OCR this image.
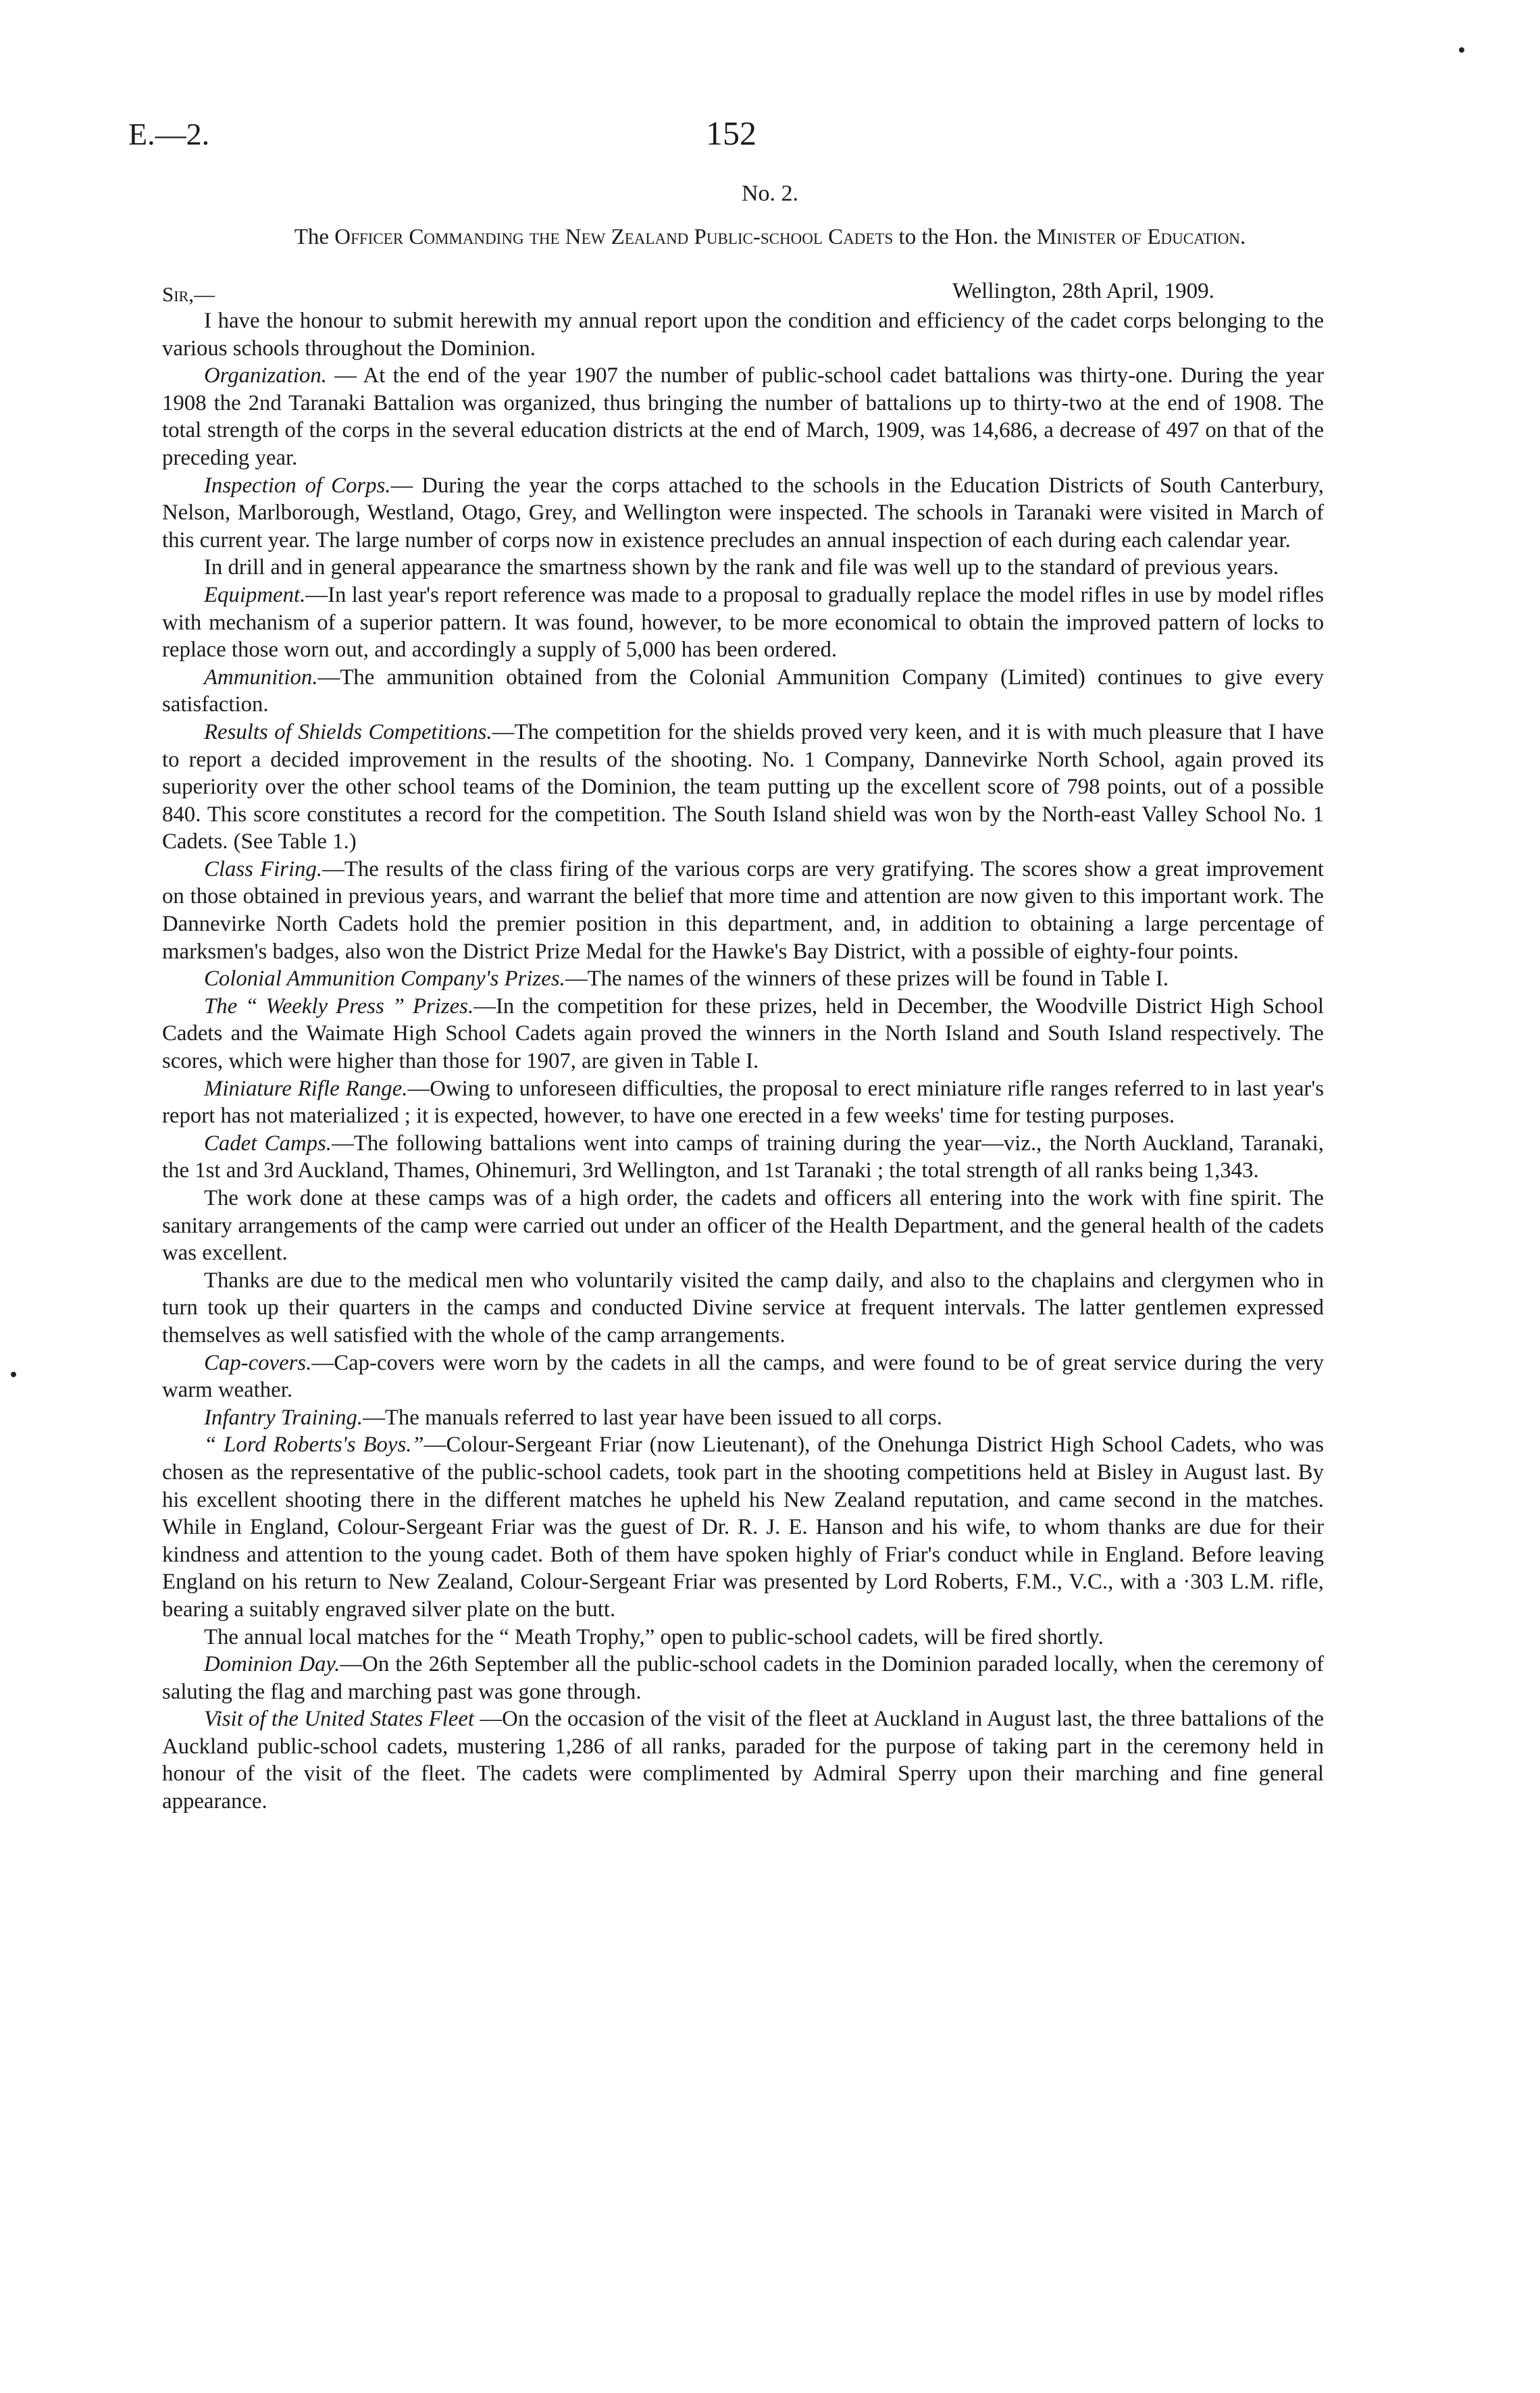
E.—2.	152
No. 2.
The Officer Commanding the New Zealand Public-school Cadets to the Hon. the Minister of Education.
Sir,—	Wellington, 28th April, 1909.

I have the honour to submit herewith my annual report upon the condition and efficiency of the cadet corps belonging to the various schools throughout the Dominion.

Organization. — At the end of the year 1907 the number of public-school cadet battalions was thirty-one. During the year 1908 the 2nd Taranaki Battalion was organized, thus bringing the number of battalions up to thirty-two at the end of 1908. The total strength of the corps in the several education districts at the end of March, 1909, was 14,686, a decrease of 497 on that of the preceding year.

Inspection of Corps.— During the year the corps attached to the schools in the Education Districts of South Canterbury, Nelson, Marlborough, Westland, Otago, Grey, and Wellington were inspected. The schools in Taranaki were visited in March of this current year. The large number of corps now in existence precludes an annual inspection of each during each calendar year.

In drill and in general appearance the smartness shown by the rank and file was well up to the standard of previous years.

Equipment.—In last year's report reference was made to a proposal to gradually replace the model rifles in use by model rifles with mechanism of a superior pattern. It was found, however, to be more economical to obtain the improved pattern of locks to replace those worn out, and accordingly a supply of 5,000 has been ordered.

Ammunition.—The ammunition obtained from the Colonial Ammunition Company (Limited) continues to give every satisfaction.

Results of Shields Competitions.—The competition for the shields proved very keen, and it is with much pleasure that I have to report a decided improvement in the results of the shooting. No. 1 Company, Dannevirke North School, again proved its superiority over the other school teams of the Dominion, the team putting up the excellent score of 798 points, out of a possible 840. This score constitutes a record for the competition. The South Island shield was won by the North-east Valley School No. 1 Cadets. (See Table 1.)

Class Firing.—The results of the class firing of the various corps are very gratifying. The scores show a great improvement on those obtained in previous years, and warrant the belief that more time and attention are now given to this important work. The Dannevirke North Cadets hold the premier position in this department, and, in addition to obtaining a large percentage of marksmen's badges, also won the District Prize Medal for the Hawke's Bay District, with a possible of eighty-four points.

Colonial Ammunition Company's Prizes.—The names of the winners of these prizes will be found in Table I.

The “ Weekly Press ” Prizes.—In the competition for these prizes, held in December, the Woodville District High School Cadets and the Waimate High School Cadets again proved the winners in the North Island and South Island respectively. The scores, which were higher than those for 1907, are given in Table I.

Miniature Rifle Range.—Owing to unforeseen difficulties, the proposal to erect miniature rifle ranges referred to in last year's report has not materialized ; it is expected, however, to have one erected in a few weeks' time for testing purposes.

Cadet Camps.—The following battalions went into camps of training during the year—viz., the North Auckland, Taranaki, the 1st and 3rd Auckland, Thames, Ohinemuri, 3rd Wellington, and 1st Taranaki ; the total strength of all ranks being 1,343.

The work done at these camps was of a high order, the cadets and officers all entering into the work with fine spirit. The sanitary arrangements of the camp were carried out under an officer of the Health Department, and the general health of the cadets was excellent.

Thanks are due to the medical men who voluntarily visited the camp daily, and also to the chaplains and clergymen who in turn took up their quarters in the camps and conducted Divine service at frequent intervals. The latter gentlemen expressed themselves as well satisfied with the whole of the camp arrangements.

Cap-covers.—Cap-covers were worn by the cadets in all the camps, and were found to be of great service during the very warm weather.

Infantry Training.—The manuals referred to last year have been issued to all corps.

“ Lord Roberts's Boys.”—Colour-Sergeant Friar (now Lieutenant), of the Onehunga District High School Cadets, who was chosen as the representative of the public-school cadets, took part in the shooting competitions held at Bisley in August last. By his excellent shooting there in the different matches he upheld his New Zealand reputation, and came second in the matches. While in England, Colour-Sergeant Friar was the guest of Dr. R. J. E. Hanson and his wife, to whom thanks are due for their kindness and attention to the young cadet. Both of them have spoken highly of Friar's conduct while in England. Before leaving England on his return to New Zealand, Colour-Sergeant Friar was presented by Lord Roberts, F.M., V.C., with a ·303 L.M. rifle, bearing a suitably engraved silver plate on the butt.

The annual local matches for the “ Meath Trophy,” open to public-school cadets, will be fired shortly.

Dominion Day.—On the 26th September all the public-school cadets in the Dominion paraded locally, when the ceremony of saluting the flag and marching past was gone through.

Visit of the United States Fleet —On the occasion of the visit of the fleet at Auckland in August last, the three battalions of the Auckland public-school cadets, mustering 1,286 of all ranks, paraded for the purpose of taking part in the ceremony held in honour of the visit of the fleet. The cadets were complimented by Admiral Sperry upon their marching and fine general appearance.
